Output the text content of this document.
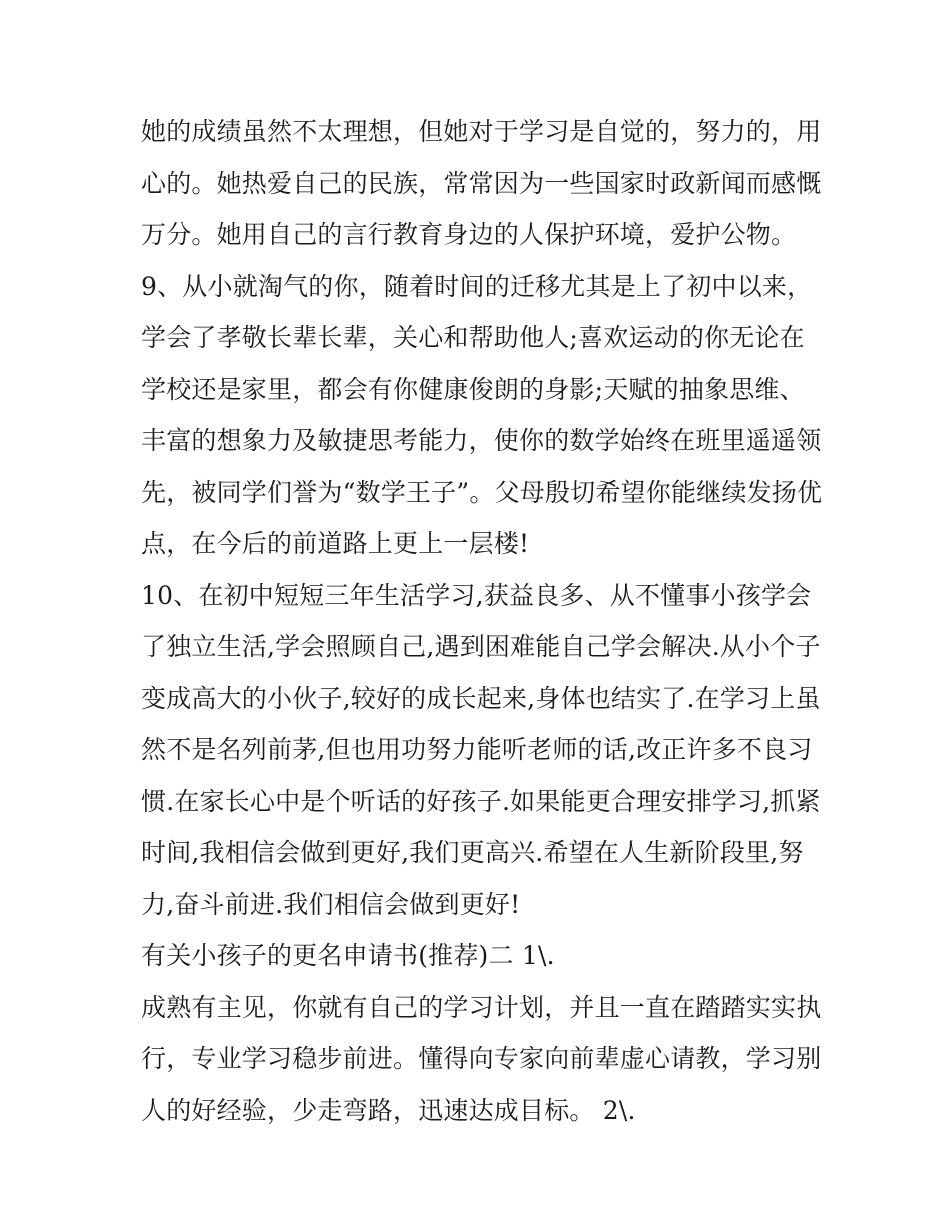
她的成绩虽然不太理想，但她对于学习是自觉的，努力的，用
心的。她热爱自己的民族，常常因为一些国家时政新闻而感慨
万分。她用自己的言行教育身边的人保护环境，爱护公物。
9、从小就淘气的你，随着时间的迁移尤其是上了初中以来，
学会了孝敬长辈长辈，关心和帮助他人;喜欢运动的你无论在
学校还是家里，都会有你健康俊朗的身影;天赋的抽象思维、
丰富的想象力及敏捷思考能力，使你的数学始终在班里遥遥领
先，被同学们誉为“数学王子”。父母殷切希望你能继续发扬优
点，在今后的前道路上更上一层楼!
10、在初中短短三年生活学习,获益良多、从不懂事小孩学会
了独立生活,学会照顾自己,遇到困难能自己学会解决.从小个子
变成高大的小伙子,较好的成长起来,身体也结实了.在学习上虽
然不是名列前茅,但也用功努力能听老师的话,改正许多不良习
惯.在家长心中是个听话的好孩子.如果能更合理安排学习,抓紧
时间,我相信会做到更好,我们更高兴.希望在人生新阶段里,努
力,奋斗前进.我们相信会做到更好!
有关小孩子的更名申请书(推荐)二 1\.
成熟有主见，你就有自己的学习计划，并且一直在踏踏实实执
行，专业学习稳步前进。懂得向专家向前辈虚心请教，学习别
人的好经验，少走弯路，迅速达成目标。 2\.
